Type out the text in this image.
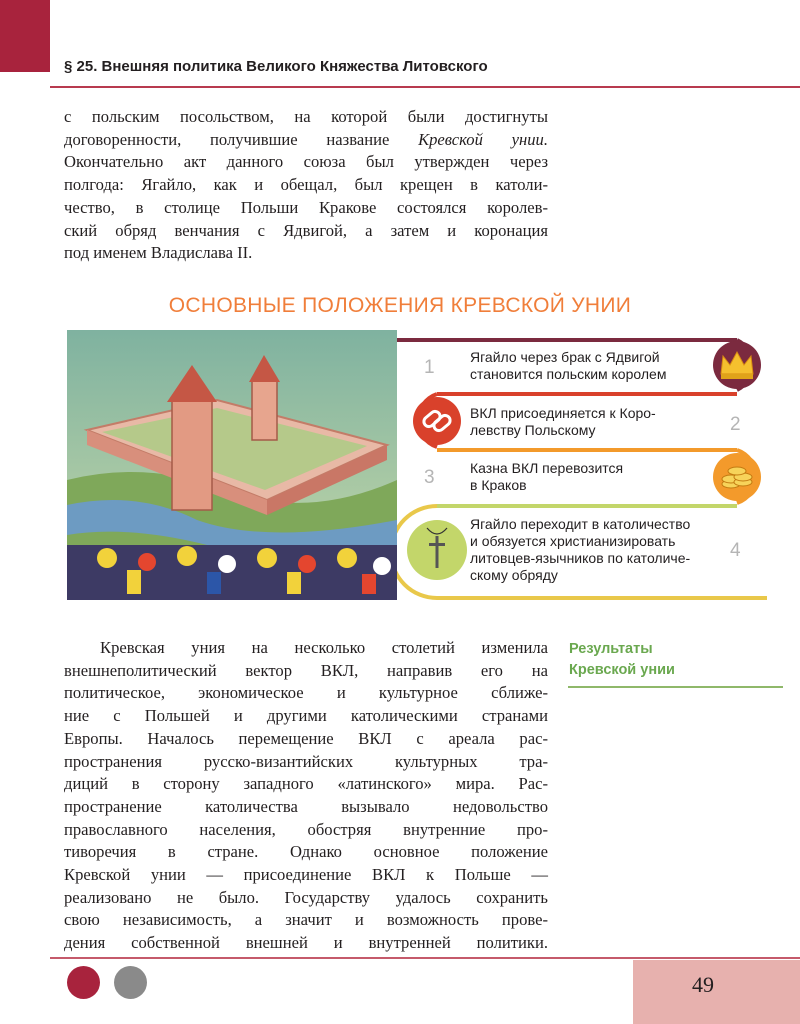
§ 25. Внешняя политика Великого Княжества Литовского

с польским посольством, на которой были достигнуты
договоренности, получившие название Кревской унии.
Окончательно акт данного союза был утвержден через
полгода: Ягайло, как и обещал, был крещен в католи-
чество, в столице Польши Кракове состоялся королев-
ский обряд венчания с Ядвигой, а затем и коронация
под именем Владислава II.

ОСНОВНЫЕ ПОЛОЖЕНИЯ КРЕВСКОЙ УНИИ
1	Ягайло через брак с Ядвигой
становится польским королем
2
ВКЛ присоединяется к Коро-
левству Польскому
3	Казна ВКЛ перевозится
в Краков
4
Ягайло переходит в католичество
и обязуется христианизировать
литовцев-язычников по католиче-
скому обряду

Кревская уния на несколько столетий изменила
внешнеполитический вектор ВКЛ, направив его на
политическое, экономическое и культурное сближе-
ние с Польшей и другими католическими странами
Европы. Началось перемещение ВКЛ с ареала рас-
пространения русско-византийских культурных тра-
диций в сторону западного «латинского» мира. Рас-
пространение католичества вызывало недовольство
православного населения, обостряя внутренние про-
тиворечия в стране. Однако основное положение
Кревской унии — присоединение ВКЛ к Польше —
реализовано не было. Государству удалось сохранить
свою независимость, а значит и возможность прове-
дения собственной внешней и внутренней политики.

Результаты
Кревской унии
49
